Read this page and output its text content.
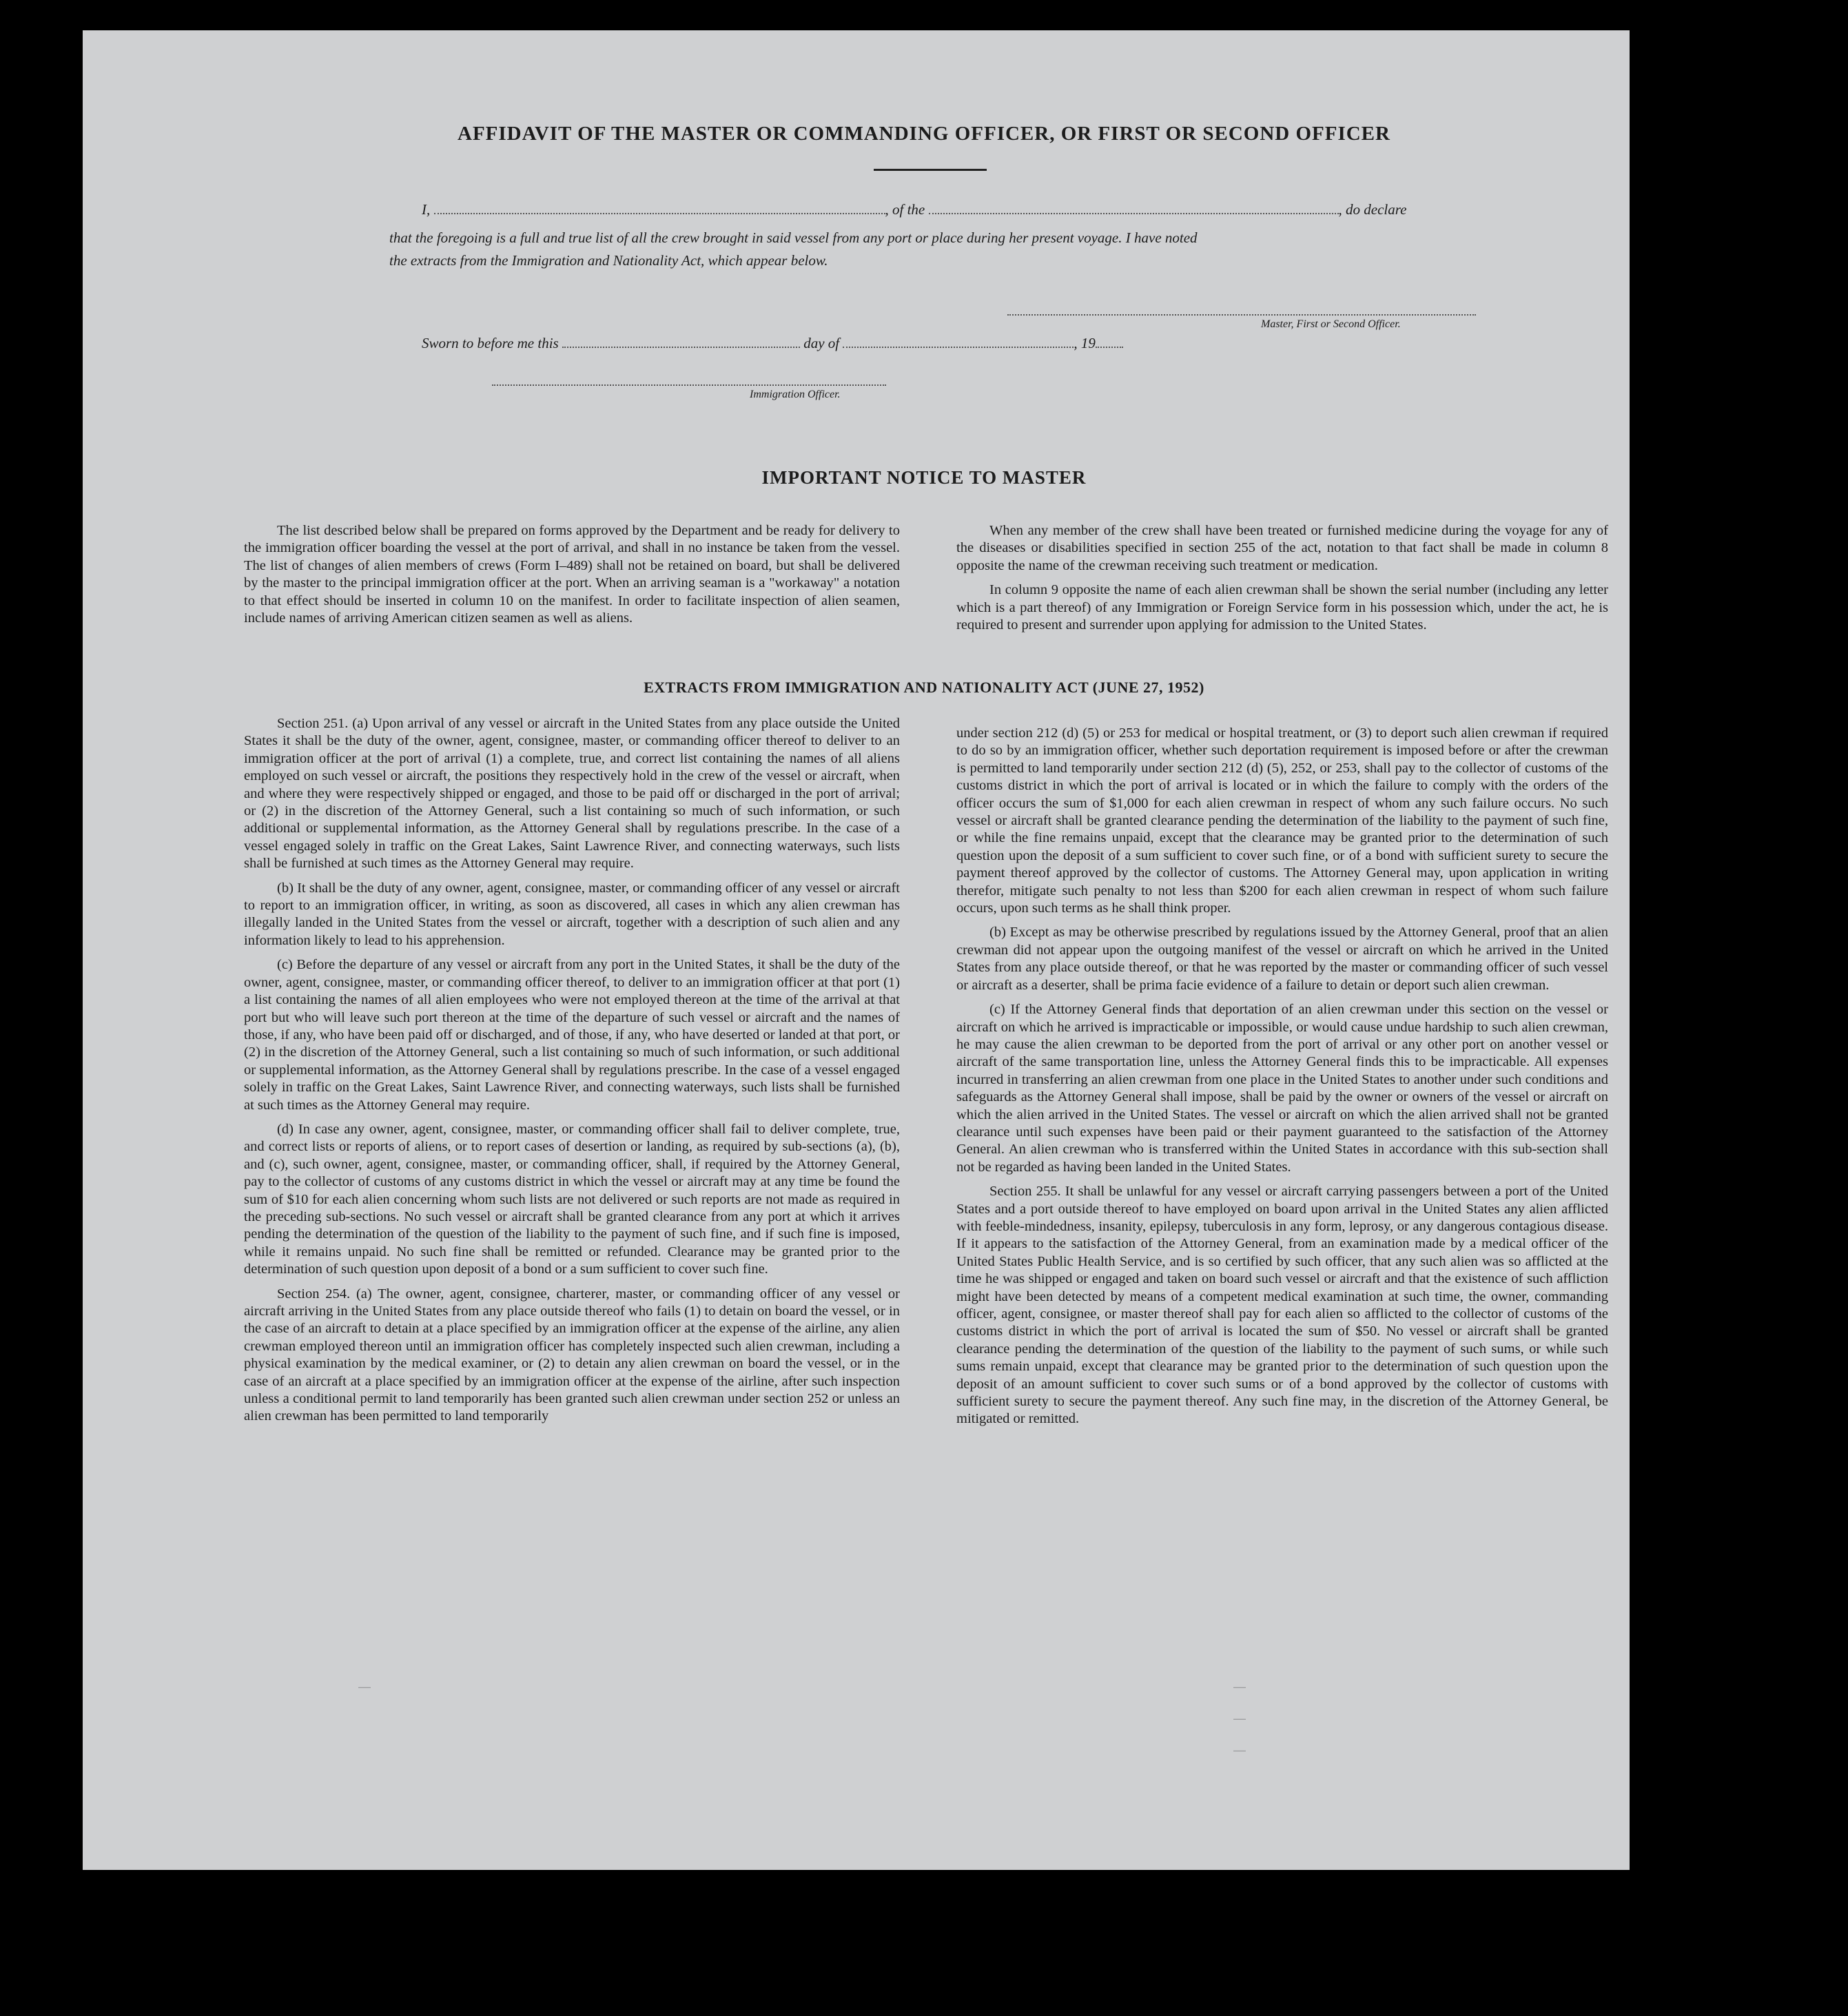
AFFIDAVIT OF THE MASTER OR COMMANDING OFFICER, OR FIRST OR SECOND OFFICER
I,	, of the	, do declare
that the foregoing is a full and true list of all the crew brought in said vessel from any port or place during her present voyage. I have noted
the extracts from the Immigration and Nationality Act, which appear below.
Master, First or Second Officer.
Sworn to before me this	day of	, 19
Immigration Officer.
IMPORTANT NOTICE TO MASTER

The list described below shall be prepared on forms approved by the Department and be ready for delivery to the immigration officer boarding the vessel at the port of arrival, and shall in no instance be taken from the vessel. The list of changes of alien members of crews (Form I–489) shall not be retained on board, but shall be delivered by the master to the principal immigration officer at the port. When an arriving seaman is a "workaway" a notation to that effect should be inserted in column 10 on the manifest. In order to facilitate inspection of alien seamen, include names of arriving American citizen seamen as well as aliens.

When any member of the crew shall have been treated or furnished medicine during the voyage for any of the diseases or disabilities specified in section 255 of the act, notation to that fact shall be made in column 8 opposite the name of the crewman receiving such treatment or medication.

In column 9 opposite the name of each alien crewman shall be shown the serial number (including any letter which is a part thereof) of any Immigration or Foreign Service form in his possession which, under the act, he is required to present and surrender upon applying for admission to the United States.

EXTRACTS FROM IMMIGRATION AND NATIONALITY ACT (JUNE 27, 1952)

Section 251. (a) Upon arrival of any vessel or aircraft in the United States from any place outside the United States it shall be the duty of the owner, agent, consignee, master, or commanding officer thereof to deliver to an immigration officer at the port of arrival (1) a complete, true, and correct list containing the names of all aliens employed on such vessel or aircraft, the positions they respectively hold in the crew of the vessel or aircraft, when and where they were respectively shipped or engaged, and those to be paid off or discharged in the port of arrival; or (2) in the discretion of the Attorney General, such a list containing so much of such information, or such additional or supplemental information, as the Attorney General shall by regulations prescribe. In the case of a vessel engaged solely in traffic on the Great Lakes, Saint Lawrence River, and connecting waterways, such lists shall be furnished at such times as the Attorney General may require.

(b) It shall be the duty of any owner, agent, consignee, master, or commanding officer of any vessel or aircraft to report to an immigration officer, in writing, as soon as discovered, all cases in which any alien crewman has illegally landed in the United States from the vessel or aircraft, together with a description of such alien and any information likely to lead to his apprehension.

(c) Before the departure of any vessel or aircraft from any port in the United States, it shall be the duty of the owner, agent, consignee, master, or commanding officer thereof, to deliver to an immigration officer at that port (1) a list containing the names of all alien employees who were not employed thereon at the time of the arrival at that port but who will leave such port thereon at the time of the departure of such vessel or aircraft and the names of those, if any, who have been paid off or discharged, and of those, if any, who have deserted or landed at that port, or (2) in the discretion of the Attorney General, such a list containing so much of such information, or such additional or supplemental information, as the Attorney General shall by regulations prescribe. In the case of a vessel engaged solely in traffic on the Great Lakes, Saint Lawrence River, and connecting waterways, such lists shall be furnished at such times as the Attorney General may require.

(d) In case any owner, agent, consignee, master, or commanding officer shall fail to deliver complete, true, and correct lists or reports of aliens, or to report cases of desertion or landing, as required by sub-sections (a), (b), and (c), such owner, agent, consignee, master, or commanding officer, shall, if required by the Attorney General, pay to the collector of customs of any customs district in which the vessel or aircraft may at any time be found the sum of $10 for each alien concerning whom such lists are not delivered or such reports are not made as required in the preceding sub-sections. No such vessel or aircraft shall be granted clearance from any port at which it arrives pending the determination of the question of the liability to the payment of such fine, and if such fine is imposed, while it remains unpaid. No such fine shall be remitted or refunded. Clearance may be granted prior to the determination of such question upon deposit of a bond or a sum sufficient to cover such fine.

Section 254. (a) The owner, agent, consignee, charterer, master, or commanding officer of any vessel or aircraft arriving in the United States from any place outside thereof who fails (1) to detain on board the vessel, or in the case of an aircraft to detain at a place specified by an immigration officer at the expense of the airline, any alien crewman employed thereon until an immigration officer has completely inspected such alien crewman, including a physical examination by the medical examiner, or (2) to detain any alien crewman on board the vessel, or in the case of an aircraft at a place specified by an immigration officer at the expense of the airline, after such inspection unless a conditional permit to land temporarily has been granted such alien crewman under section 252 or unless an alien crewman has been permitted to land temporarily

under section 212 (d) (5) or 253 for medical or hospital treatment, or (3) to deport such alien crewman if required to do so by an immigration officer, whether such deportation requirement is imposed before or after the crewman is permitted to land temporarily under section 212 (d) (5), 252, or 253, shall pay to the collector of customs of the customs district in which the port of arrival is located or in which the failure to comply with the orders of the officer occurs the sum of $1,000 for each alien crewman in respect of whom any such failure occurs. No such vessel or aircraft shall be granted clearance pending the determination of the liability to the payment of such fine, or while the fine remains unpaid, except that the clearance may be granted prior to the determination of such question upon the deposit of a sum sufficient to cover such fine, or of a bond with sufficient surety to secure the payment thereof approved by the collector of customs. The Attorney General may, upon application in writing therefor, mitigate such penalty to not less than $200 for each alien crewman in respect of whom such failure occurs, upon such terms as he shall think proper.

(b) Except as may be otherwise prescribed by regulations issued by the Attorney General, proof that an alien crewman did not appear upon the outgoing manifest of the vessel or aircraft on which he arrived in the United States from any place outside thereof, or that he was reported by the master or commanding officer of such vessel or aircraft as a deserter, shall be prima facie evidence of a failure to detain or deport such alien crewman.

(c) If the Attorney General finds that deportation of an alien crewman under this section on the vessel or aircraft on which he arrived is impracticable or impossible, or would cause undue hardship to such alien crewman, he may cause the alien crewman to be deported from the port of arrival or any other port on another vessel or aircraft of the same transportation line, unless the Attorney General finds this to be impracticable. All expenses incurred in transferring an alien crewman from one place in the United States to another under such conditions and safeguards as the Attorney General shall impose, shall be paid by the owner or owners of the vessel or aircraft on which the alien arrived in the United States. The vessel or aircraft on which the alien arrived shall not be granted clearance until such expenses have been paid or their payment guaranteed to the satisfaction of the Attorney General. An alien crewman who is transferred within the United States in accordance with this sub-section shall not be regarded as having been landed in the United States.

Section 255. It shall be unlawful for any vessel or aircraft carrying passengers between a port of the United States and a port outside thereof to have employed on board upon arrival in the United States any alien afflicted with feeble-mindedness, insanity, epilepsy, tuberculosis in any form, leprosy, or any dangerous contagious disease. If it appears to the satisfaction of the Attorney General, from an examination made by a medical officer of the United States Public Health Service, and is so certified by such officer, that any such alien was so afflicted at the time he was shipped or engaged and taken on board such vessel or aircraft and that the existence of such affliction might have been detected by means of a competent medical examination at such time, the owner, commanding officer, agent, consignee, or master thereof shall pay for each alien so afflicted to the collector of customs of the customs district in which the port of arrival is located the sum of $50. No vessel or aircraft shall be granted clearance pending the determination of the question of the liability to the payment of such sums, or while such sums remain unpaid, except that clearance may be granted prior to the determination of such question upon the deposit of an amount sufficient to cover such sums or of a bond approved by the collector of customs with sufficient surety to secure the payment thereof. Any such fine may, in the discretion of the Attorney General, be mitigated or remitted.

—	—
—
—
